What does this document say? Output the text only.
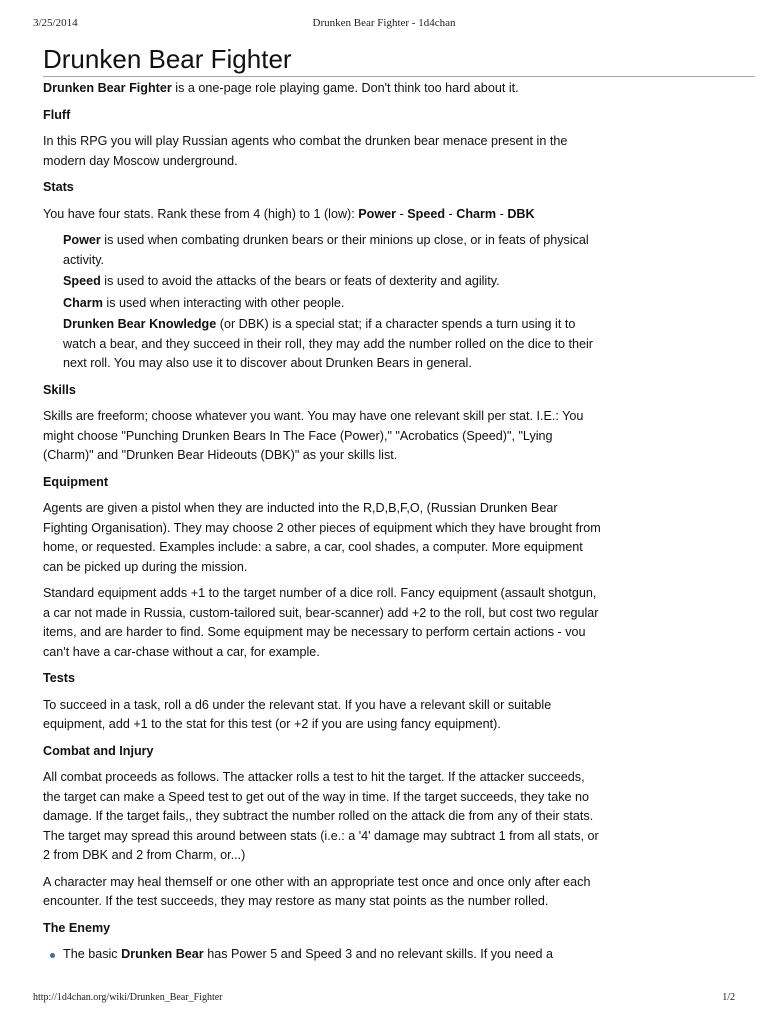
3/25/2014	Drunken Bear Fighter - 1d4chan
Drunken Bear Fighter

Drunken Bear Fighter is a one-page role playing game. Don't think too hard about it.

Fluff

In this RPG you will play Russian agents who combat the drunken bear menace present in the modern day Moscow underground.

Stats

You have four stats. Rank these from 4 (high) to 1 (low): Power - Speed - Charm - DBK

Power is used when combating drunken bears or their minions up close, or in feats of physical activity.

Speed is used to avoid the attacks of the bears or feats of dexterity and agility.

Charm is used when interacting with other people.

Drunken Bear Knowledge (or DBK) is a special stat; if a character spends a turn using it to watch a bear, and they succeed in their roll, they may add the number rolled on the dice to their next roll. You may also use it to discover about Drunken Bears in general.

Skills

Skills are freeform; choose whatever you want. You may have one relevant skill per stat. I.E.: You might choose "Punching Drunken Bears In The Face (Power)," "Acrobatics (Speed)", "Lying (Charm)" and "Drunken Bear Hideouts (DBK)" as your skills list.

Equipment

Agents are given a pistol when they are inducted into the R,D,B,F,O, (Russian Drunken Bear Fighting Organisation). They may choose 2 other pieces of equipment which they have brought from home, or requested. Examples include: a sabre, a car, cool shades, a computer. More equipment can be picked up during the mission.

Standard equipment adds +1 to the target number of a dice roll. Fancy equipment (assault shotgun, a car not made in Russia, custom-tailored suit, bear-scanner) add +2 to the roll, but cost two regular items, and are harder to find. Some equipment may be necessary to perform certain actions - vou can't have a car-chase without a car, for example.

Tests

To succeed in a task, roll a d6 under the relevant stat. If you have a relevant skill or suitable equipment, add +1 to the stat for this test (or +2 if you are using fancy equipment).

Combat and Injury

All combat proceeds as follows. The attacker rolls a test to hit the target. If the attacker succeeds, the target can make a Speed test to get out of the way in time. If the target succeeds, they take no damage. If the target fails,, they subtract the number rolled on the attack die from any of their stats. The target may spread this around between stats (i.e.: a '4' damage may subtract 1 from all stats, or 2 from DBK and 2 from Charm, or...)

A character may heal themself or one other with an appropriate test once and once only after each encounter. If the test succeeds, they may restore as many stat points as the number rolled.

The Enemy
The basic Drunken Bear has Power 5 and Speed 3 and no relevant skills. If you need a
http://1d4chan.org/wiki/Drunken_Bear_Fighter	1/2
